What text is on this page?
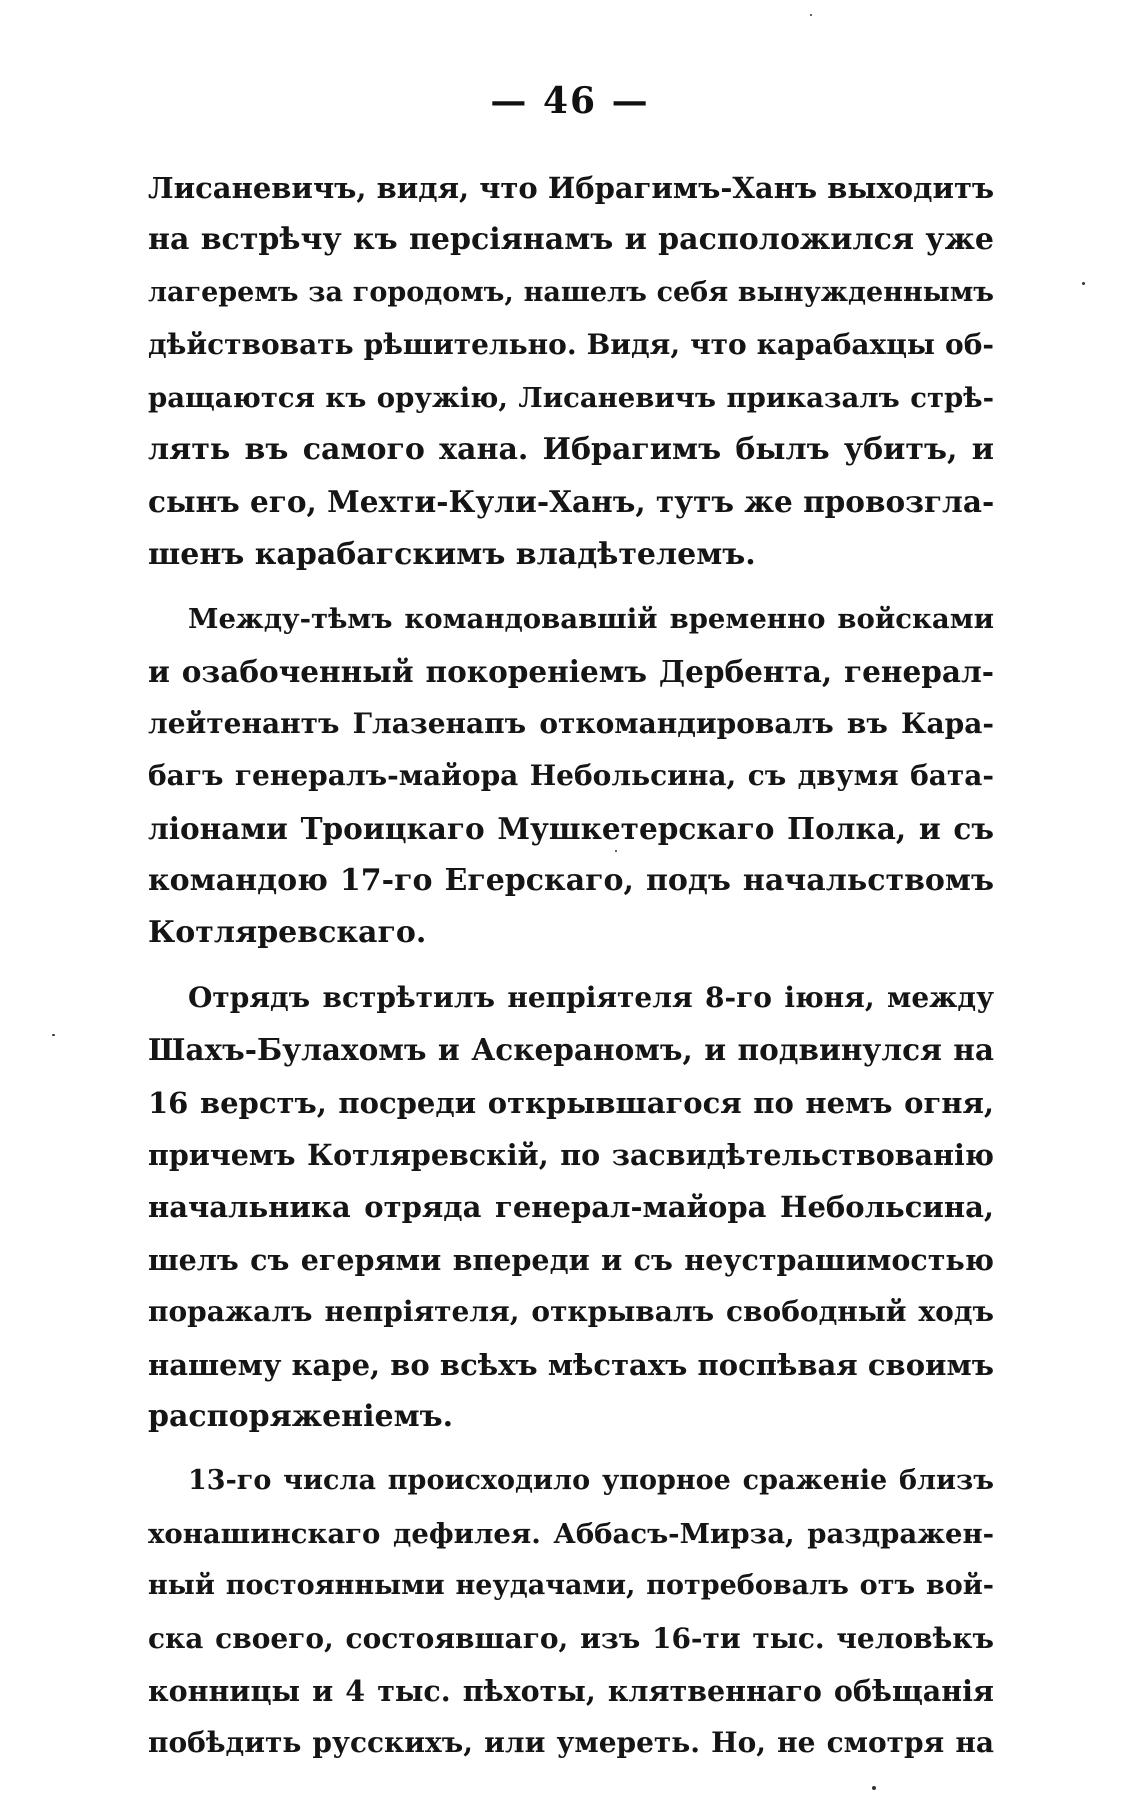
— 46 —
Лисаневичъ, видя, что Ибрагимъ-Ханъ выходитъ
на встрѣчу къ персіянамъ и расположился уже
лагеремъ за городомъ, нашелъ себя вынужденнымъ
дѣйствовать рѣшительно. Видя, что карабахцы об-
ращаются къ оружію, Лисаневичъ приказалъ стрѣ-
лять въ самого хана. Ибрагимъ былъ убитъ, и
сынъ его, Мехти-Кули-Ханъ, тутъ же провозгла-
шенъ карабагскимъ владѣтелемъ.
Между-тѣмъ командовавшій временно войсками
и озабоченный покореніемъ Дербента, генерал-
лейтенантъ Глазенапъ откомандировалъ въ Кара-
багъ генералъ-майора Небольсина, съ двумя бата-
ліонами Троицкаго Мушкетерскаго Полка, и съ
командою 17-го Егерскаго, подъ начальствомъ
Котляревскаго.
Отрядъ встрѣтилъ непріятеля 8-го іюня, между
Шахъ-Булахомъ и Аскераномъ, и подвинулся на
16 верстъ, посреди открывшагося по немъ огня,
причемъ Котляревскій, по засвидѣтельствованію
начальника отряда генерал-майора Небольсина,
шелъ съ егерями впереди и съ неустрашимостью
поражалъ непріятеля, открывалъ свободный ходъ
нашему каре, во всѣхъ мѣстахъ поспѣвая своимъ
распоряженіемъ.
13-го числа происходило упорное сраженіе близъ
хонашинскаго дефилея. Аббасъ-Мирза, раздражен-
ный постоянными неудачами, потребовалъ отъ вой-
ска своего, состоявшаго, изъ 16-ти тыс. человѣкъ
конницы и 4 тыс. пѣхоты, клятвеннаго обѣщанія
побѣдить русскихъ, или умереть. Но, не смотря на
